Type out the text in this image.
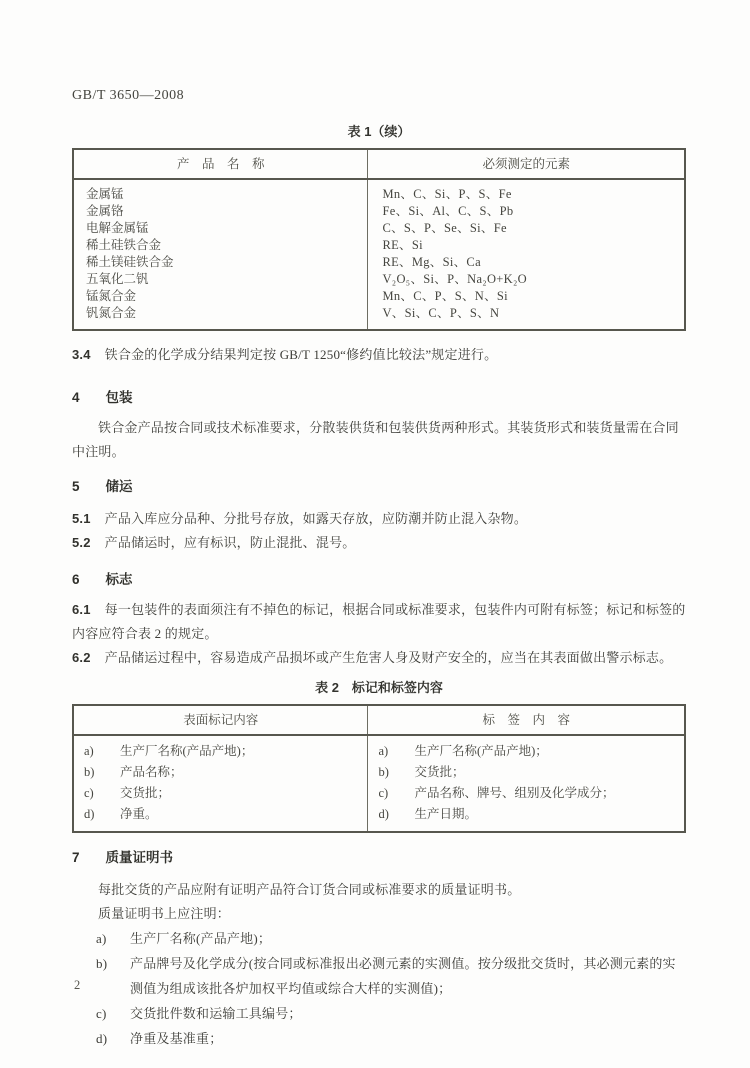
GB/T 3650—2008
表 1（续）
产　品　名　称	必须测定的元素
金属锰	Mn、C、Si、P、S、Fe
金属铬	Fe、Si、Al、C、S、Pb
电解金属锰	C、S、P、Se、Si、Fe
稀土硅铁合金	RE、Si
稀土镁硅铁合金	RE、Mg、Si、Ca
五氧化二钒	V₂O₅、Si、P、Na₂O+K₂O
锰氮合金	Mn、C、P、S、N、Si
钒氮合金	V、Si、C、P、S、N

3.4 铁合金的化学成分结果判定按 GB/T 1250“修约值比较法”规定进行。

4 包装

铁合金产品按合同或技术标准要求，分散装供货和包装供货两种形式。其装货形式和装货量需在合同中注明。

5 储运

5.1 产品入库应分品种、分批号存放，如露天存放，应防潮并防止混入杂物。

5.2 产品储运时，应有标识，防止混批、混号。

6 标志

6.1 每一包装件的表面须注有不掉色的标记，根据合同或标准要求，包装件内可附有标签；标记和标签的内容应符合表 2 的规定。

6.2 产品储运过程中，容易造成产品损坏或产生危害人身及财产安全的，应当在其表面做出警示标志。

表 2　标记和标签内容
表面标记内容	标　签　内　容

a) 生产厂名称(产品产地)；	a) 生产厂名称(产品产地)；

b) 产品名称；	b) 交货批；

c) 交货批；	c) 产品名称、牌号、组别及化学成分；

d) 净重。	d) 生产日期。
7 质量证明书

每批交货的产品应附有证明产品符合订货合同或标准要求的质量证明书。

质量证明书上应注明：

a) 生产厂名称(产品产地)；

b) 产品牌号及化学成分(按合同或标准报出必测元素的实测值。按分级批交货时，其必测元素的实测值为组成该批各炉加权平均值或综合大样的实测值)；

c) 交货批件数和运输工具编号；

d) 净重及基准重；

2
